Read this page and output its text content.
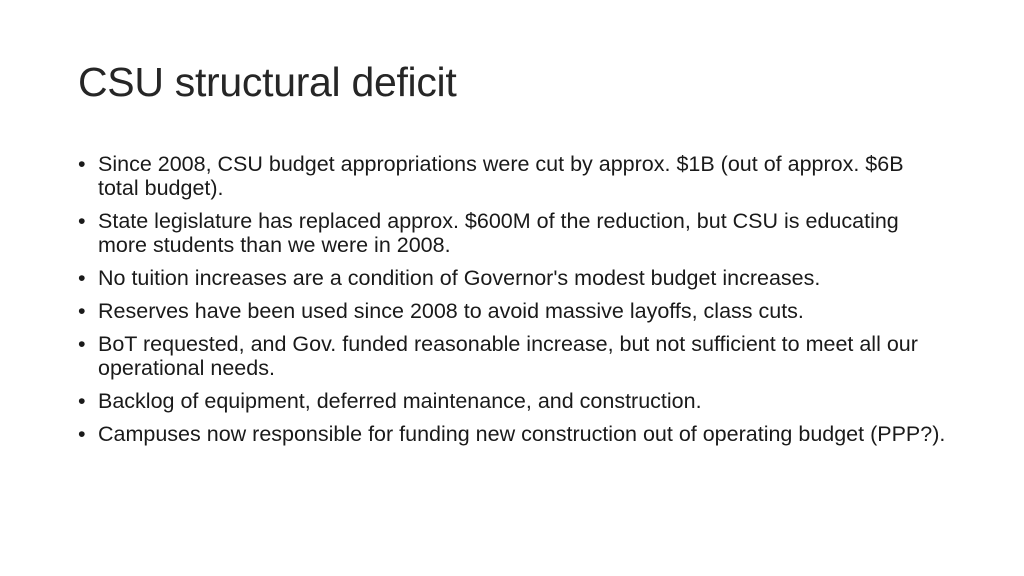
CSU structural deficit
• Since 2008, CSU budget appropriations were cut by approx. $1B (out of approx. $6B total budget).
• State legislature has replaced approx. $600M of the reduction, but CSU is educating more students than we were in 2008.
• No tuition increases are a condition of Governor's modest budget increases.
• Reserves have been used since 2008 to avoid massive layoffs, class cuts.
• BoT requested, and Gov. funded reasonable increase, but not sufficient to meet all our operational needs.
• Backlog of equipment, deferred maintenance, and construction.
• Campuses now responsible for funding new construction out of operating budget (PPP?).
